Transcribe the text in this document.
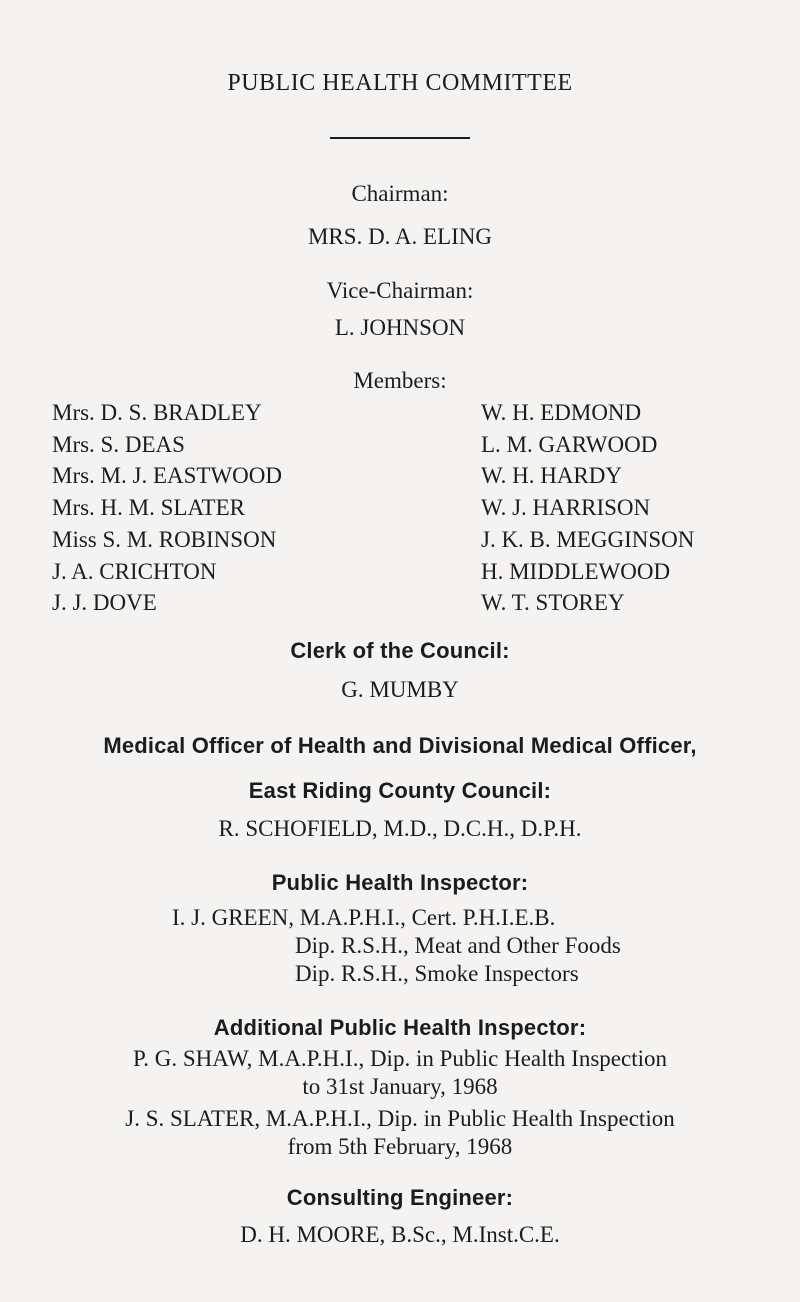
PUBLIC HEALTH COMMITTEE
Chairman:
MRS. D. A. ELING
Vice-Chairman:
L. JOHNSON
Members:
Mrs. D. S. BRADLEY
Mrs. S. DEAS
Mrs. M. J. EASTWOOD
Mrs. H. M. SLATER
Miss S. M. ROBINSON
J. A. CRICHTON
J. J. DOVE
W. H. EDMOND
L. M. GARWOOD
W. H. HARDY
W. J. HARRISON
J. K. B. MEGGINSON
H. MIDDLEWOOD
W. T. STOREY
Clerk of the Council:
G. MUMBY
Medical Officer of Health and Divisional Medical Officer,
East Riding County Council:
R. SCHOFIELD, M.D., D.C.H., D.P.H.
Public Health Inspector:
I. J. GREEN, M.A.P.H.I., Cert. P.H.I.E.B.
Dip. R.S.H., Meat and Other Foods
Dip. R.S.H., Smoke Inspectors
Additional Public Health Inspector:
P. G. SHAW, M.A.P.H.I., Dip. in Public Health Inspection
to 31st January, 1968
J. S. SLATER, M.A.P.H.I., Dip. in Public Health Inspection
from 5th February, 1968
Consulting Engineer:
D. H. MOORE, B.Sc., M.Inst.C.E.
